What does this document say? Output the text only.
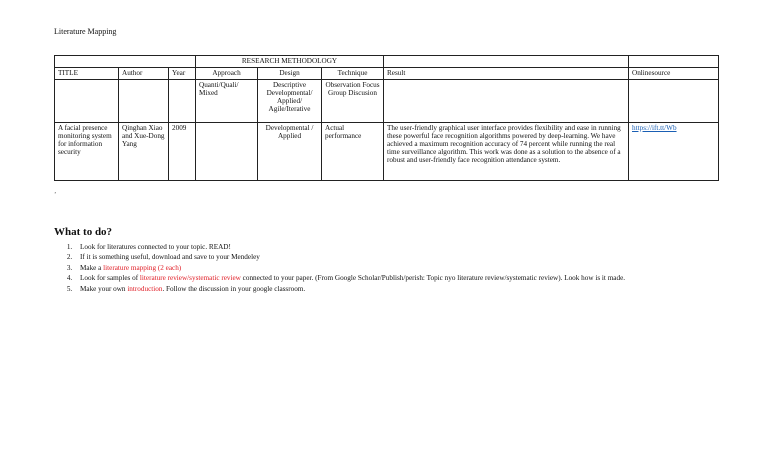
Literature Mapping
			RESEARCH METHODOLOGY				
TITLE	Author	Year	Approach	Design	Technique	Result	Onlinesource
			Quanti/Quali/ Mixed	Descriptive Developmental/ Applied/ Agile/Iterative	Observation Focus Group Discusion		
A facial presence monitoring system for information security	Qinghan Xiao and Xue-Dong Yang	2009		Developmental / Applied	Actual performance	The user-friendly graphical user interface provides flexibility and ease in running these powerful face recognition algorithms powered by deep-learning. We have achieved a maximum recognition accuracy of 74 percent while running the real time surveillance algorithm. This work was done as a solution to the absence of a robust and user-friendly face recognition attendance system.	https://ift.tt/Wb
’
What to do?
1. Look for literatures connected to your topic. READ!
2. If it is something useful, download and save to your Mendeley
3. Make a literature mapping (2 each)
4. Look for samples of literature review/systematic review connected to your paper. (From Google Scholar/Publish/perish: Topic nyo literature review/systematic review). Look how is it made.
5. Make your own introduction. Follow the discussion in your google classroom.
